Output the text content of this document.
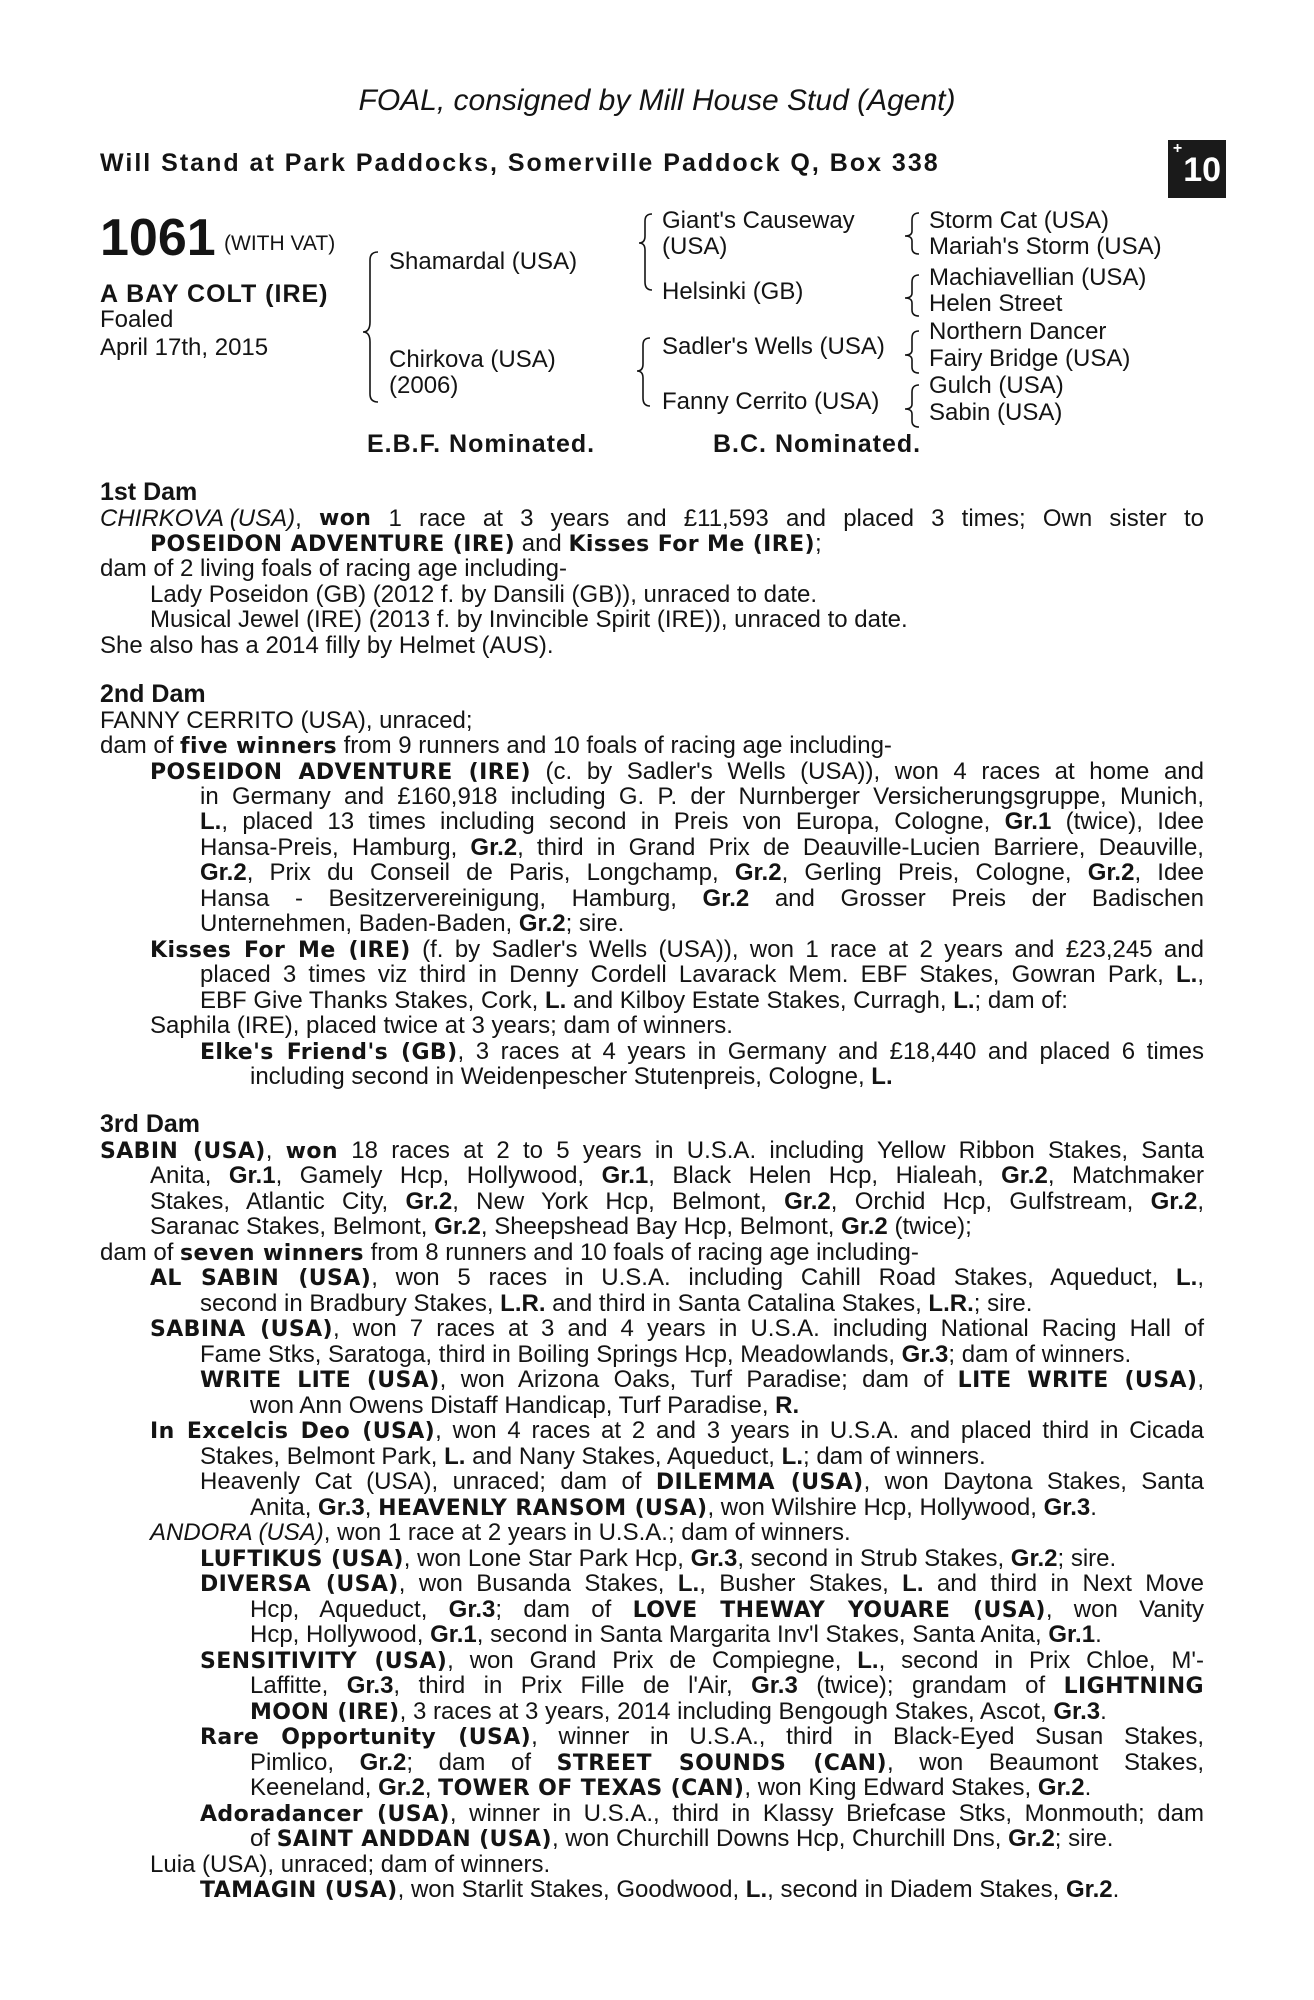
FOAL, consigned by Mill House Stud (Agent)
Will Stand at Park Paddocks, Somerville Paddock Q, Box 338
+10
1061 (WITH VAT)
A BAY COLT (IRE)
Foaled
April 17th, 2015
Shamardal (USA)
Chirkova (USA)
(2006)
Giant's Causeway
(USA)
Helsinki (GB)
Sadler's Wells (USA)
Fanny Cerrito (USA)
Storm Cat (USA)
Mariah's Storm (USA)
Machiavellian (USA)
Helen Street
Northern Dancer
Fairy Bridge (USA)
Gulch (USA)
Sabin (USA)
E.B.F. Nominated.	B.C. Nominated.
1st Dam
CHIRKOVA (USA), won 1 race at 3 years and £11,593 and placed 3 times; Own sister to
POSEIDON ADVENTURE (IRE) and Kisses For Me (IRE);
dam of 2 living foals of racing age including-
Lady Poseidon (GB) (2012 f. by Dansili (GB)), unraced to date.
Musical Jewel (IRE) (2013 f. by Invincible Spirit (IRE)), unraced to date.
She also has a 2014 filly by Helmet (AUS).
2nd Dam
FANNY CERRITO (USA), unraced;
dam of five winners from 9 runners and 10 foals of racing age including-
POSEIDON ADVENTURE (IRE) (c. by Sadler's Wells (USA)), won 4 races at home and
in Germany and £160,918 including G. P. der Nurnberger Versicherungsgruppe, Munich,
L., placed 13 times including second in Preis von Europa, Cologne, Gr.1 (twice), Idee
Hansa-Preis, Hamburg, Gr.2, third in Grand Prix de Deauville-Lucien Barriere, Deauville,
Gr.2, Prix du Conseil de Paris, Longchamp, Gr.2, Gerling Preis, Cologne, Gr.2, Idee
Hansa - Besitzervereinigung, Hamburg, Gr.2 and Grosser Preis der Badischen
Unternehmen, Baden-Baden, Gr.2; sire.
Kisses For Me (IRE) (f. by Sadler's Wells (USA)), won 1 race at 2 years and £23,245 and
placed 3 times viz third in Denny Cordell Lavarack Mem. EBF Stakes, Gowran Park, L.,
EBF Give Thanks Stakes, Cork, L. and Kilboy Estate Stakes, Curragh, L.; dam of:
Saphila (IRE), placed twice at 3 years; dam of winners.
Elke's Friend's (GB), 3 races at 4 years in Germany and £18,440 and placed 6 times
including second in Weidenpescher Stutenpreis, Cologne, L.
3rd Dam
SABIN (USA), won 18 races at 2 to 5 years in U.S.A. including Yellow Ribbon Stakes, Santa
Anita, Gr.1, Gamely Hcp, Hollywood, Gr.1, Black Helen Hcp, Hialeah, Gr.2, Matchmaker
Stakes, Atlantic City, Gr.2, New York Hcp, Belmont, Gr.2, Orchid Hcp, Gulfstream, Gr.2,
Saranac Stakes, Belmont, Gr.2, Sheepshead Bay Hcp, Belmont, Gr.2 (twice);
dam of seven winners from 8 runners and 10 foals of racing age including-
AL SABIN (USA), won 5 races in U.S.A. including Cahill Road Stakes, Aqueduct, L.,
second in Bradbury Stakes, L.R. and third in Santa Catalina Stakes, L.R.; sire.
SABINA (USA), won 7 races at 3 and 4 years in U.S.A. including National Racing Hall of
Fame Stks, Saratoga, third in Boiling Springs Hcp, Meadowlands, Gr.3; dam of winners.
WRITE LITE (USA), won Arizona Oaks, Turf Paradise; dam of LITE WRITE (USA),
won Ann Owens Distaff Handicap, Turf Paradise, R.
In Excelcis Deo (USA), won 4 races at 2 and 3 years in U.S.A. and placed third in Cicada
Stakes, Belmont Park, L. and Nany Stakes, Aqueduct, L.; dam of winners.
Heavenly Cat (USA), unraced; dam of DILEMMA (USA), won Daytona Stakes, Santa
Anita, Gr.3, HEAVENLY RANSOM (USA), won Wilshire Hcp, Hollywood, Gr.3.
ANDORA (USA), won 1 race at 2 years in U.S.A.; dam of winners.
LUFTIKUS (USA), won Lone Star Park Hcp, Gr.3, second in Strub Stakes, Gr.2; sire.
DIVERSA (USA), won Busanda Stakes, L., Busher Stakes, L. and third in Next Move
Hcp, Aqueduct, Gr.3; dam of LOVE THEWAY YOUARE (USA), won Vanity
Hcp, Hollywood, Gr.1, second in Santa Margarita Inv'l Stakes, Santa Anita, Gr.1.
SENSITIVITY (USA), won Grand Prix de Compiegne, L., second in Prix Chloe, M'-
Laffitte, Gr.3, third in Prix Fille de l'Air, Gr.3 (twice); grandam of LIGHTNING
MOON (IRE), 3 races at 3 years, 2014 including Bengough Stakes, Ascot, Gr.3.
Rare Opportunity (USA), winner in U.S.A., third in Black-Eyed Susan Stakes,
Pimlico, Gr.2; dam of STREET SOUNDS (CAN), won Beaumont Stakes,
Keeneland, Gr.2, TOWER OF TEXAS (CAN), won King Edward Stakes, Gr.2.
Adoradancer (USA), winner in U.S.A., third in Klassy Briefcase Stks, Monmouth; dam
of SAINT ANDDAN (USA), won Churchill Downs Hcp, Churchill Dns, Gr.2; sire.
Luia (USA), unraced; dam of winners.
TAMAGIN (USA), won Starlit Stakes, Goodwood, L., second in Diadem Stakes, Gr.2.
